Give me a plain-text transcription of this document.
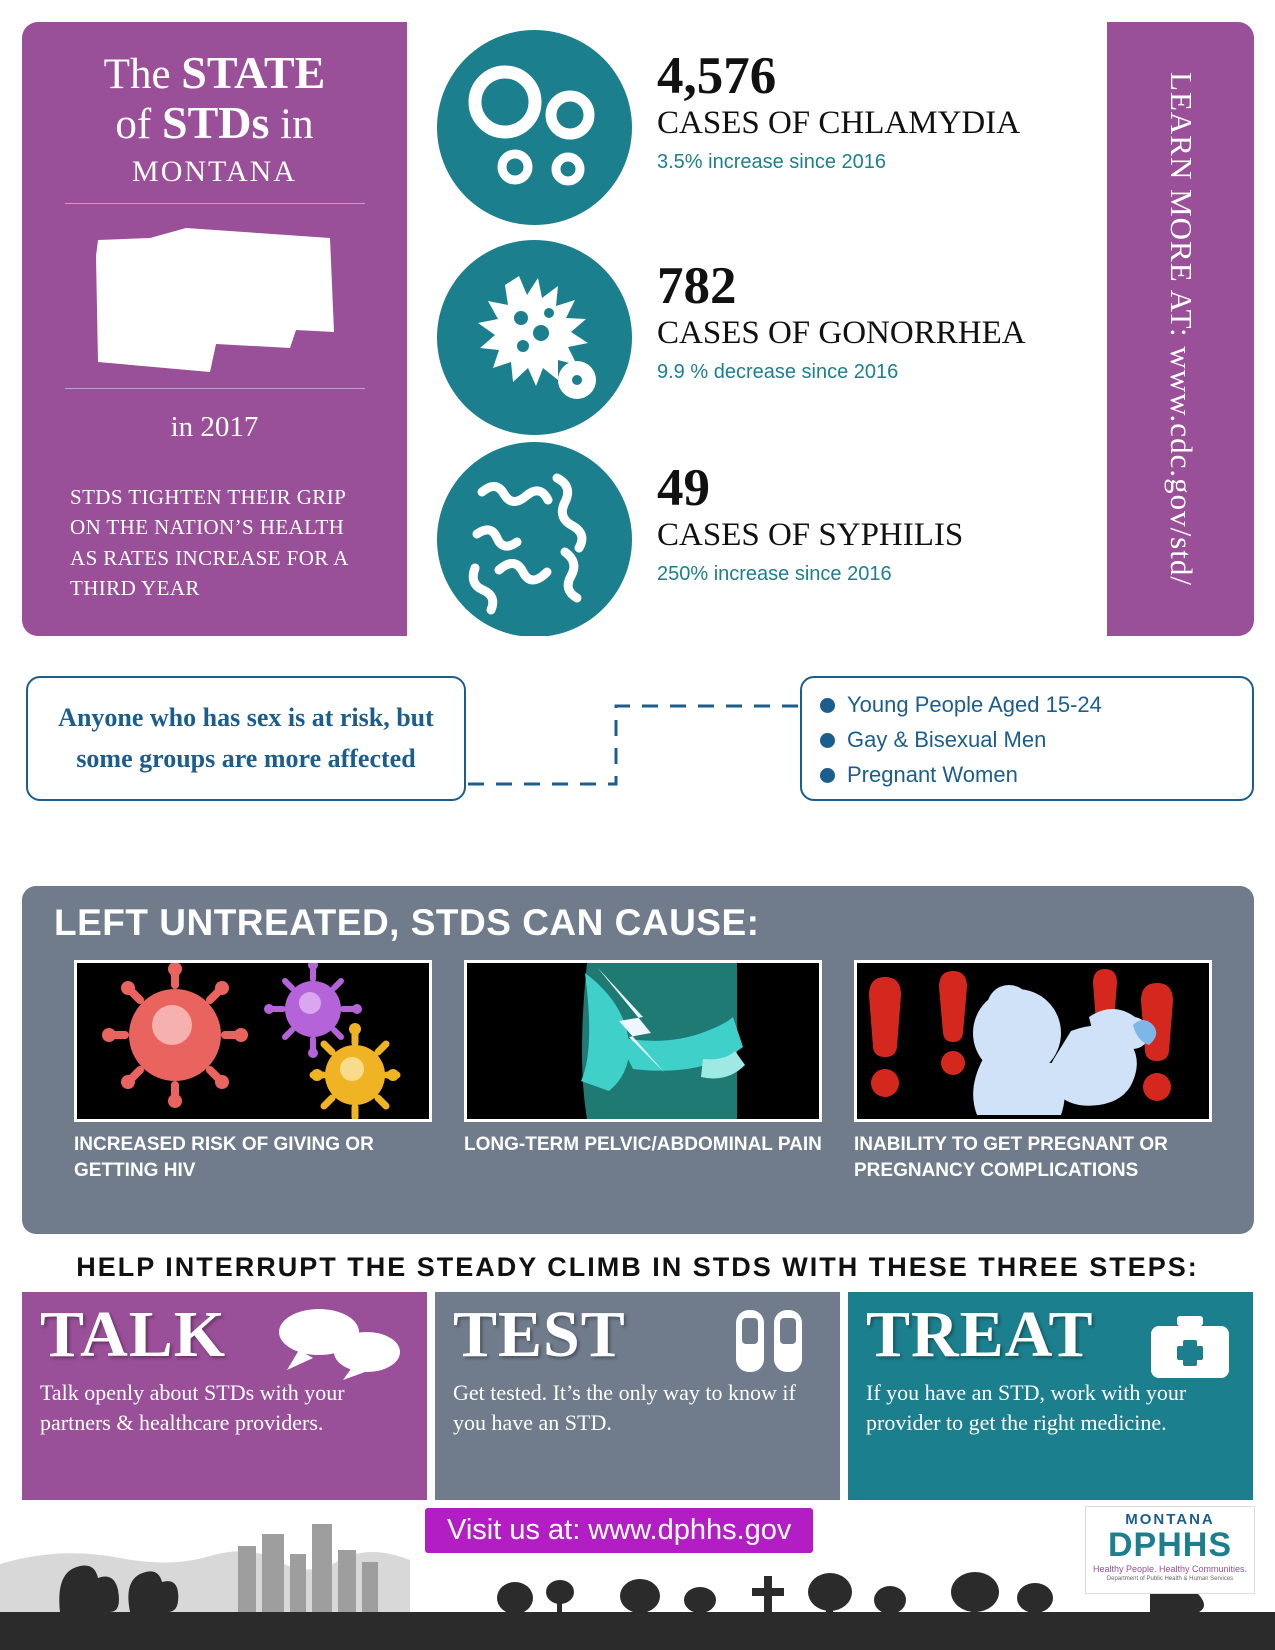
The STATE
of STDs in
MONTANA
in 2017
STDS TIGHTEN THEIR GRIP ON THE NATION’S HEALTH AS RATES INCREASE FOR A THIRD YEAR
4,576
CASES OF CHLAMYDIA
3.5% increase since 2016
782
CASES OF GONORRHEA
9.9 % decrease since 2016
49
CASES OF SYPHILIS
250% increase since 2016	LEARN MORE AT: www.cdc.gov/std/

Anyone who has sex is at risk, but some groups are more affected

Young People Aged 15-24
Gay & Bisexual Men
Pregnant Women
LEFT UNTREATED, STDS CAN CAUSE:
INCREASED RISK OF GIVING OR GETTING HIV
LONG-TERM PELVIC/ABDOMINAL PAIN INABILITY TO GET PREGNANT OR PREGNANCY COMPLICATIONS
HELP INTERRUPT THE STEADY CLIMB IN STDS WITH THESE THREE STEPS:
TALK
Talk openly about STDs with your partners & healthcare providers.
TEST
Get tested. It’s the only way to know if you have an STD.
TREAT
If you have an STD, work with your provider to get the right medicine.
Visit us at: www.dphhs.gov	MONTANA
DPHHS
Healthy People. Healthy Communities.
Department of Public Health & Human Services
